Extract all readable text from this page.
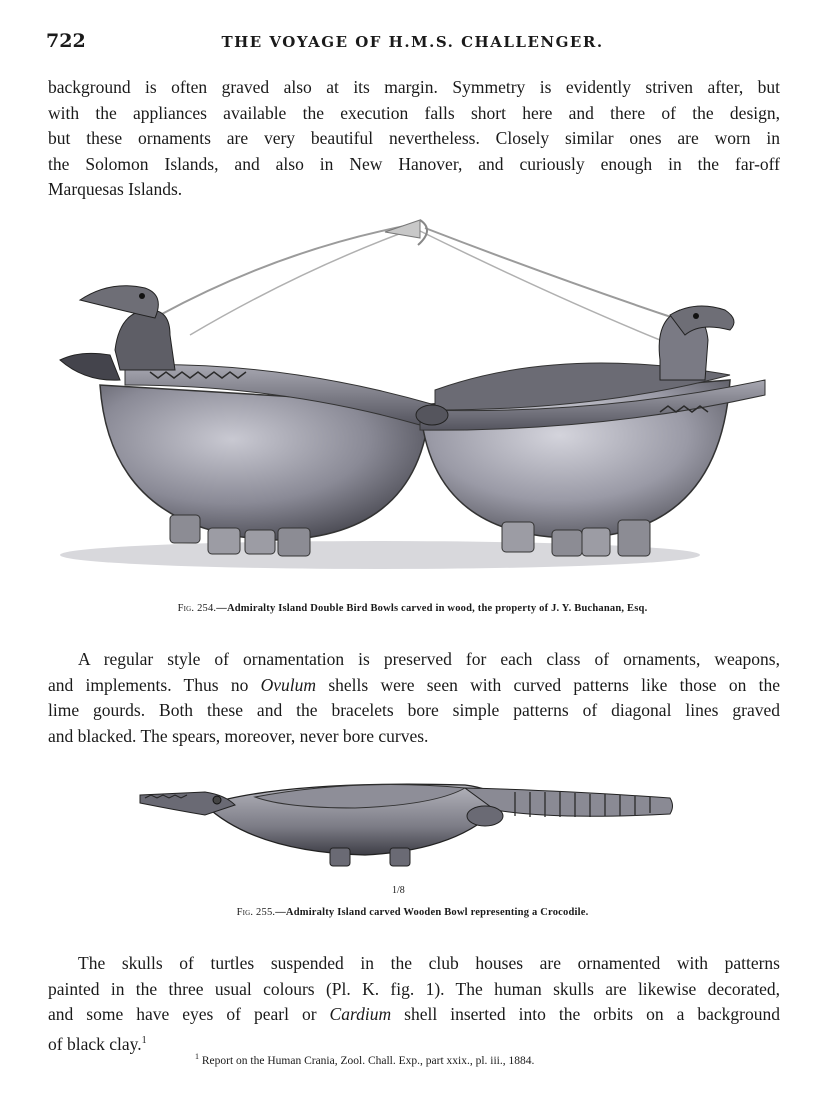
722	THE VOYAGE OF H.M.S. CHALLENGER.
background is often graved also at its margin. Symmetry is evidently striven after, but
with the appliances available the execution falls short here and there of the design,
but these ornaments are very beautiful nevertheless. Closely similar ones are worn in
the Solomon Islands, and also in New Hanover, and curiously enough in the far-off
Marquesas Islands.
Fig. 254.—Admiralty Island Double Bird Bowls carved in wood, the property of J. Y. Buchanan, Esq.
A regular style of ornamentation is preserved for each class of ornaments, weapons,
and implements. Thus no Ovulum shells were seen with curved patterns like those on the
lime gourds. Both these and the bracelets bore simple patterns of diagonal lines graved
and blacked. The spears, moreover, never bore curves.
1/8
Fig. 255.—Admiralty Island carved Wooden Bowl representing a Crocodile.
The skulls of turtles suspended in the club houses are ornamented with patterns
painted in the three usual colours (Pl. K. fig. 1). The human skulls are likewise decorated,
and some have eyes of pearl or Cardium shell inserted into the orbits on a background
of black clay.$^1$
$^1$ Report on the Human Crania, Zool. Chall. Exp., part xxix., pl. iii., 1884.
